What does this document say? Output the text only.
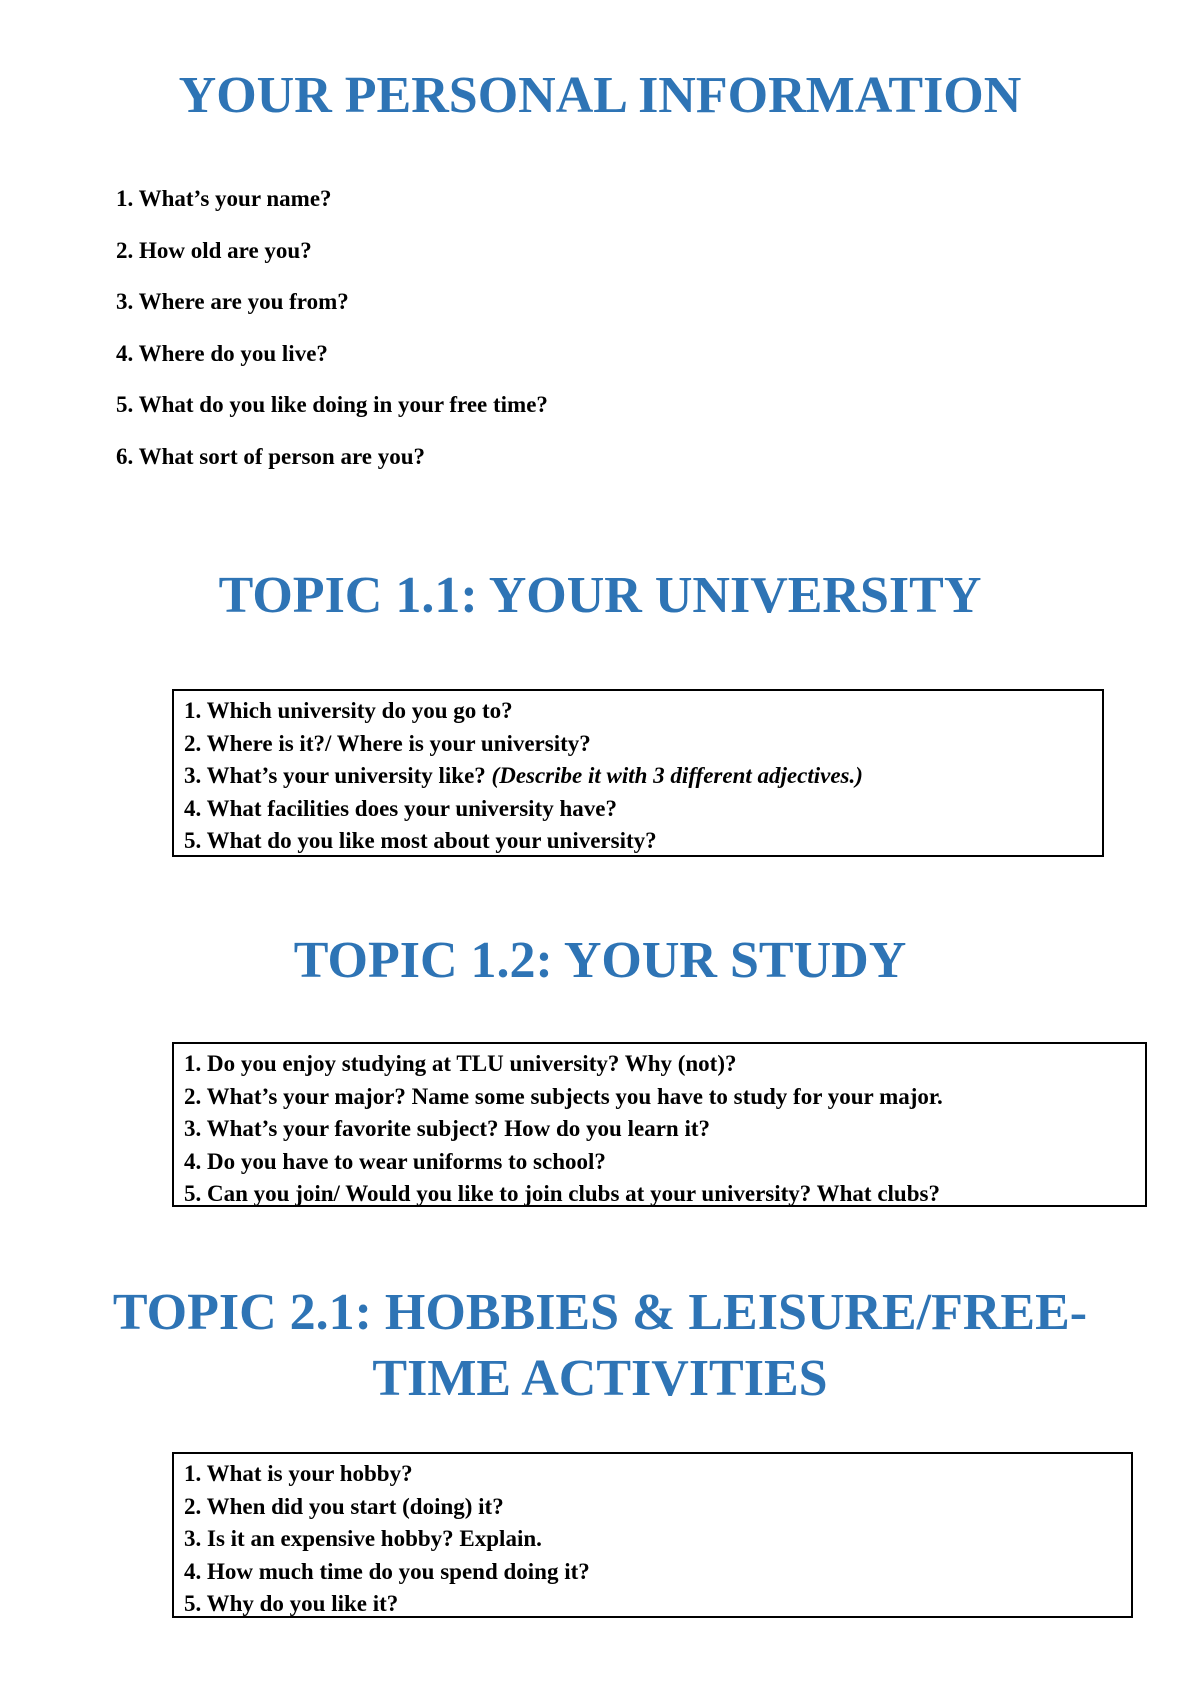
YOUR PERSONAL INFORMATION
1. What’s your name?
2. How old are you?
3. Where are you from?
4. Where do you live?
5. What do you like doing in your free time?
6. What sort of person are you?
TOPIC 1.1: YOUR UNIVERSITY
1. Which university do you go to?
2. Where is it?/ Where is your university?
3. What’s your university like? (Describe it with 3 different adjectives.)
4. What facilities does your university have?
5. What do you like most about your university?
TOPIC 1.2: YOUR STUDY
1. Do you enjoy studying at TLU university? Why (not)?
2. What’s your major? Name some subjects you have to study for your major.
3. What’s your favorite subject? How do you learn it?
4. Do you have to wear uniforms to school?
5. Can you join/ Would you like to join clubs at your university? What clubs?
TOPIC 2.1: HOBBIES & LEISURE/FREE-
TIME ACTIVITIES
1. What is your hobby?
2. When did you start (doing) it?
3. Is it an expensive hobby? Explain.
4. How much time do you spend doing it?
5. Why do you like it?
